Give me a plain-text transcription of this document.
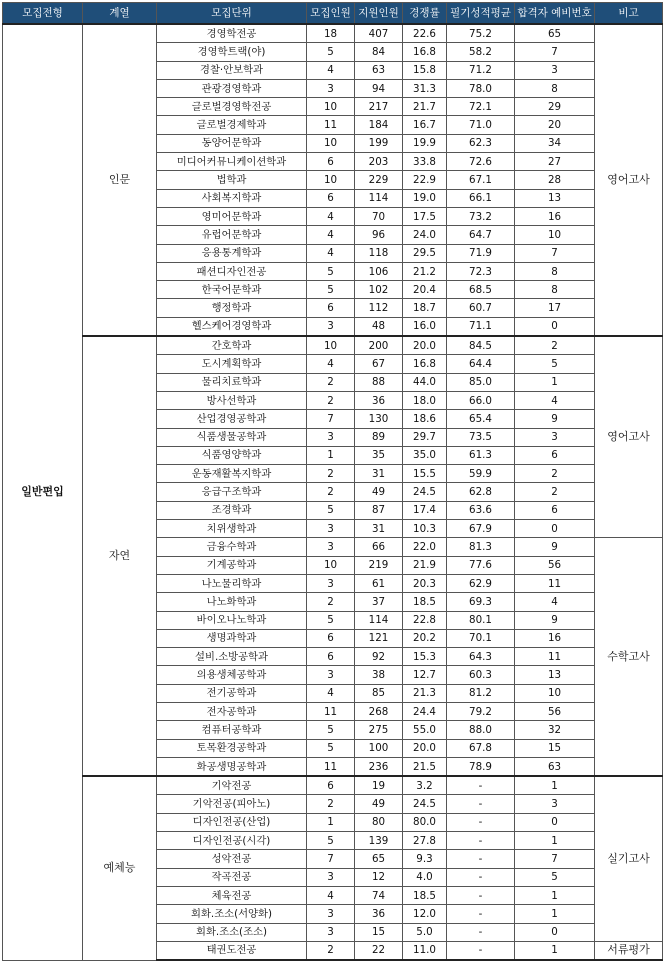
모집전형	계열	모집단위	모집인원	지원인원	경쟁률	필기성적평균	합격자 예비번호	비고
일반편입	인문	경영학전공	18	407	22.6	75.2	65	영어고사
		경영학트랙(야)	5	84	16.8	58.2	7	
		경찰·안보학과	4	63	15.8	71.2	3	
		관광경영학과	3	94	31.3	78.0	8	
		글로벌경영학전공	10	217	21.7	72.1	29	
		글로벌경제학과	11	184	16.7	71.0	20	
		동양어문학과	10	199	19.9	62.3	34	
		미디어커뮤니케이션학과	6	203	33.8	72.6	27	
		법학과	10	229	22.9	67.1	28	
		사회복지학과	6	114	19.0	66.1	13	
		영미어문학과	4	70	17.5	73.2	16	
		유럽어문학과	4	96	24.0	64.7	10	
		응용통계학과	4	118	29.5	71.9	7	
		패션디자인전공	5	106	21.2	72.3	8	
		한국어문학과	5	102	20.4	68.5	8	
		행정학과	6	112	18.7	60.7	17	
		헬스케어경영학과	3	48	16.0	71.1	0	
	자연	간호학과	10	200	20.0	84.5	2	영어고사
		도시계획학과	4	67	16.8	64.4	5	
		물리치료학과	2	88	44.0	85.0	1	
		방사선학과	2	36	18.0	66.0	4	
		산업경영공학과	7	130	18.6	65.4	9	
		식품생물공학과	3	89	29.7	73.5	3	
		식품영양학과	1	35	35.0	61.3	6	
		운동재활복지학과	2	31	15.5	59.9	2	
		응급구조학과	2	49	24.5	62.8	2	
		조경학과	5	87	17.4	63.6	6	
		치위생학과	3	31	10.3	67.9	0	
		금융수학과	3	66	22.0	81.3	9	수학고사
		기계공학과	10	219	21.9	77.6	56	
		나노물리학과	3	61	20.3	62.9	11	
		나노화학과	2	37	18.5	69.3	4	
		바이오나노학과	5	114	22.8	80.1	9	
		생명과학과	6	121	20.2	70.1	16	
		설비.소방공학과	6	92	15.3	64.3	11	
		의용생체공학과	3	38	12.7	60.3	13	
		전기공학과	4	85	21.3	81.2	10	
		전자공학과	11	268	24.4	79.2	56	
		컴퓨터공학과	5	275	55.0	88.0	32	
		토목환경공학과	5	100	20.0	67.8	15	
		화공생명공학과	11	236	21.5	78.9	63	
	예체능	기악전공	6	19	3.2	-	1	실기고사
		기악전공(피아노)	2	49	24.5	-	3	
		디자인전공(산업)	1	80	80.0	-	0	
		디자인전공(시각)	5	139	27.8	-	1	
		성악전공	7	65	9.3	-	7	
		작곡전공	3	12	4.0	-	5	
		체육전공	4	74	18.5	-	1	
		회화.조소(서양화)	3	36	12.0	-	1	
		회화.조소(조소)	3	15	5.0	-	0	
		태권도전공	2	22	11.0	-	1	서류평가
